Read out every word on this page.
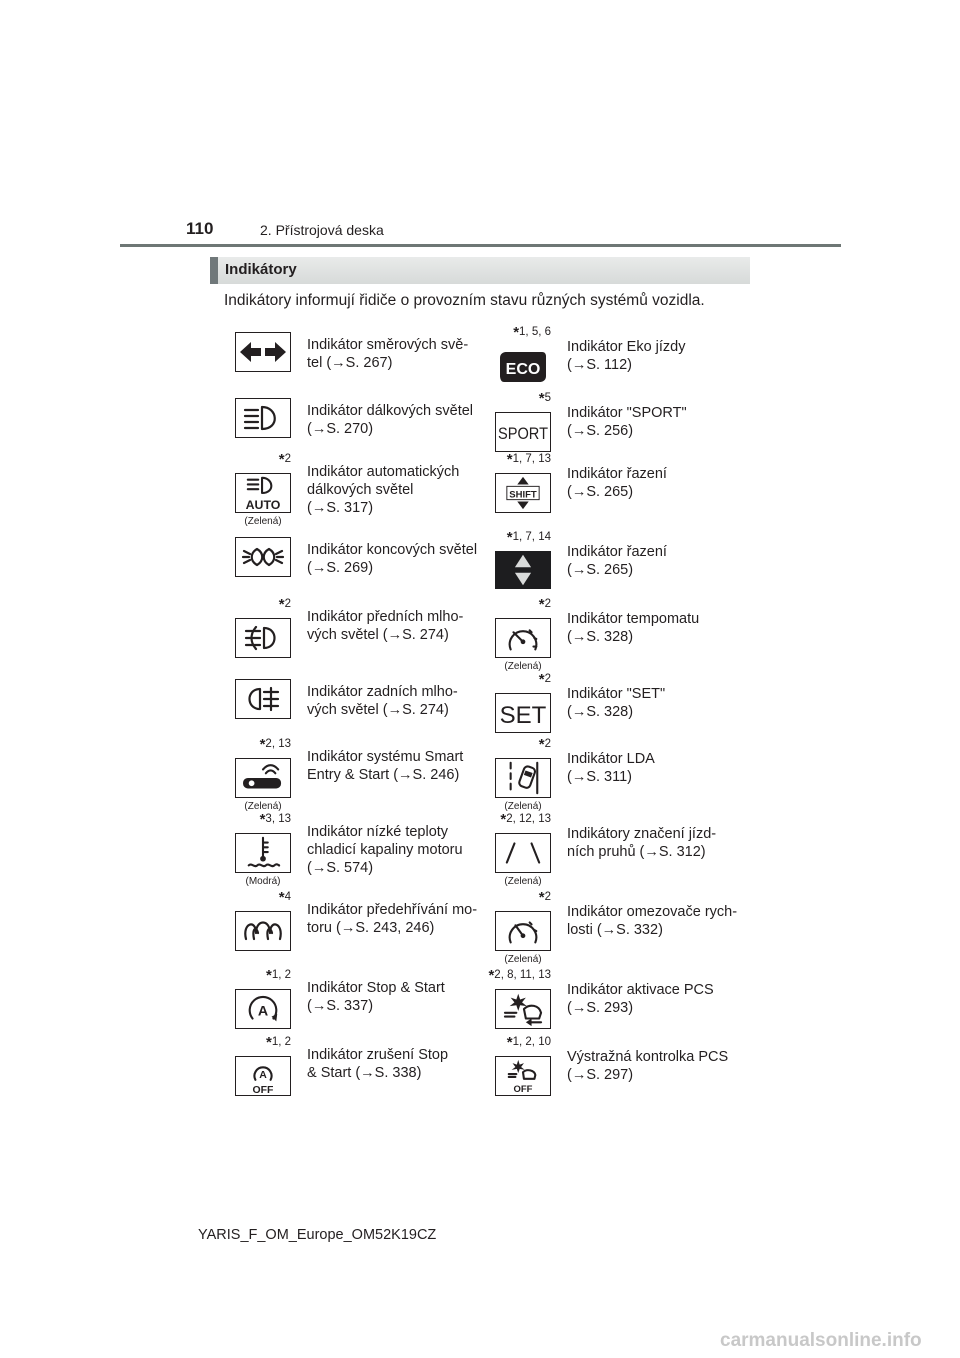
110	2. Přístrojová deska
Indikátory
Indikátory informují řidiče o provozním stavu různých systémů vozidla.
Indikátor směrových svě-
tel (→S. 267)
Indikátor dálkových světel
(→S. 270)
*2
AUTO
(Zelená)
Indikátor automatických
dálkových světel
(→S. 317)
Indikátor koncových světel
(→S. 269)
*2
Indikátor předních mlho-
vých světel (→S. 274)
Indikátor zadních mlho-
vých světel (→S. 274)
*2, 13
(Zelená)
Indikátor systému Smart
Entry & Start (→S. 246)
*3, 13
(Modrá)
Indikátor nízké teploty
chladicí kapaliny motoru
(→S. 574)
*4
Indikátor předehřívání mo-
toru (→S. 243, 246)
*1, 2
A
Indikátor Stop & Start
(→S. 337)
*1, 2
A
OFF
Indikátor zrušení Stop
& Start (→S. 338)
*1, 5, 6
ECO
Indikátor Eko jízdy
(→S. 112)
*5
SPORT
Indikátor "SPORT"
(→S. 256)
*1, 7, 13
SHIFT
Indikátor řazení
(→S. 265)
*1, 7, 14
Indikátor řazení
(→S. 265)
*2
(Zelená)
Indikátor tempomatu
(→S. 328)
*2
SET
Indikátor "SET"
(→S. 328)
*2
(Zelená)
Indikátor LDA
(→S. 311)
*2, 12, 13
(Zelená)
Indikátory značení jízd-
ních pruhů (→S. 312)
*2
(Zelená)
Indikátor omezovače rych-
losti (→S. 332)
*2, 8, 11, 13
Indikátor aktivace PCS
(→S. 293)
*1, 2, 10
OFF
Výstražná kontrolka PCS
(→S. 297)
YARIS_F_OM_Europe_OM52K19CZ
carmanualsonline.info
